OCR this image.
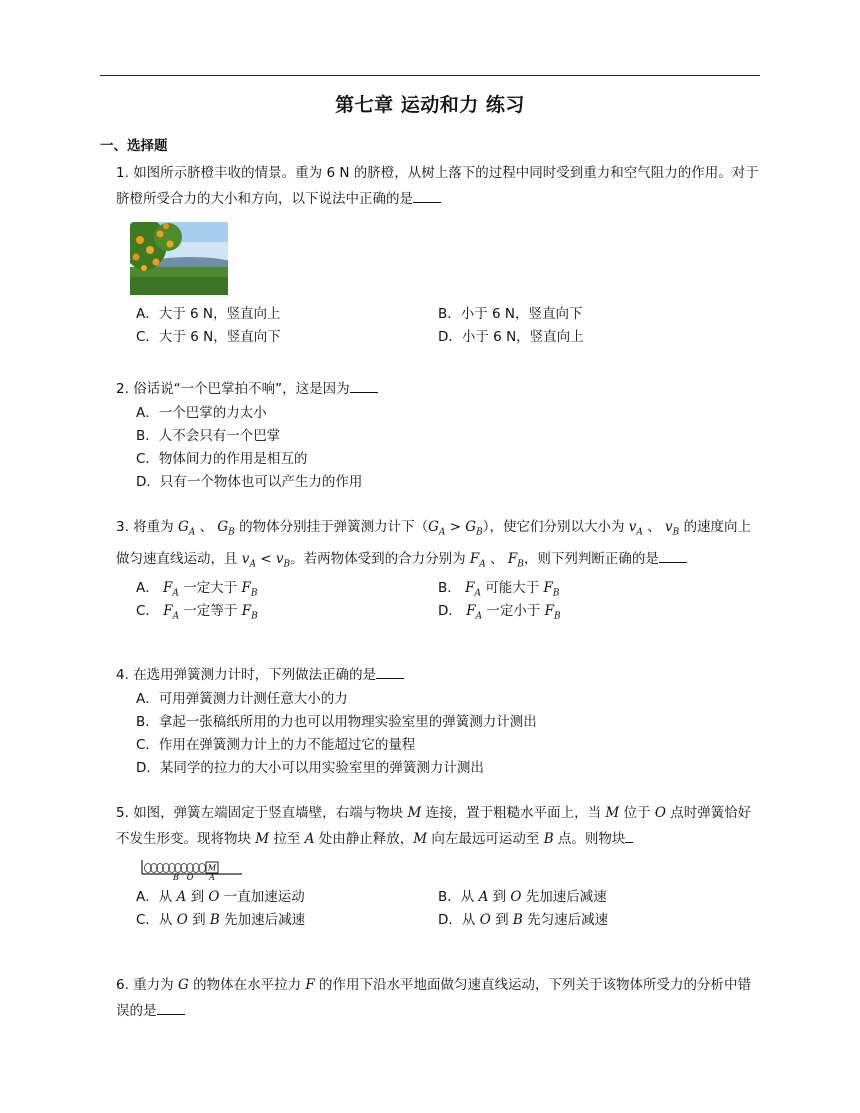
第七章 运动和力 练习
一、选择题
1. 如图所示脐橙丰收的情景。重为 6 N 的脐橙，从树上落下的过程中同时受到重力和空气阻力的作用。对于脐橙所受合力的大小和方向，以下说法中正确的是
A．大于 6 N，竖直向上	B．小于 6 N，竖直向下
C．大于 6 N，竖直向下	D．小于 6 N，竖直向上
2. 俗话说“一个巴掌拍不响”，这是因为
A．一个巴掌的力太小
B．人不会只有一个巴掌
C．物体间力的作用是相互的
D．只有一个物体也可以产生力的作用
3. 将重为 $G_A$ 、 $G_B$ 的物体分别挂于弹簧测力计下$(G_A > G_B)$，使它们分别以大小为 $v_A$ 、 $v_B$ 的速度向上做匀速直线运动，且 $v_A < v_B$。若两物体受到的合力分别为 $F_A$ 、 $F_B$，则下列判断正确的是
A． $F_A$ 一定大于 $F_B$	B． $F_A$ 可能大于 $F_B$
C． $F_A$ 一定等于 $F_B$	D． $F_A$ 一定小于 $F_B$
4. 在选用弹簧测力计时，下列做法正确的是
A．可用弹簧测力计测任意大小的力
B．拿起一张稿纸所用的力也可以用物理实验室里的弹簧测力计测出
C．作用在弹簧测力计上的力不能超过它的量程
D．某同学的拉力的大小可以用实验室里的弹簧测力计测出
5. 如图，弹簧左端固定于竖直墙壁，右端与物块 M 连接，置于粗糙水平面上，当 M 位于 O 点时弹簧恰好不发生形变。现将物块 M 拉至 A 处由静止释放，M 向左最远可运动至 B 点。则物块
M
B O A
A．从 A 到 O 一直加速运动	B．从 A 到 O 先加速后减速
C．从 O 到 B 先加速后减速	D．从 O 到 B 先匀速后减速
6. 重力为 G 的物体在水平拉力 F 的作用下沿水平地面做匀速直线运动，下列关于该物体所受力的分析中错误的是
